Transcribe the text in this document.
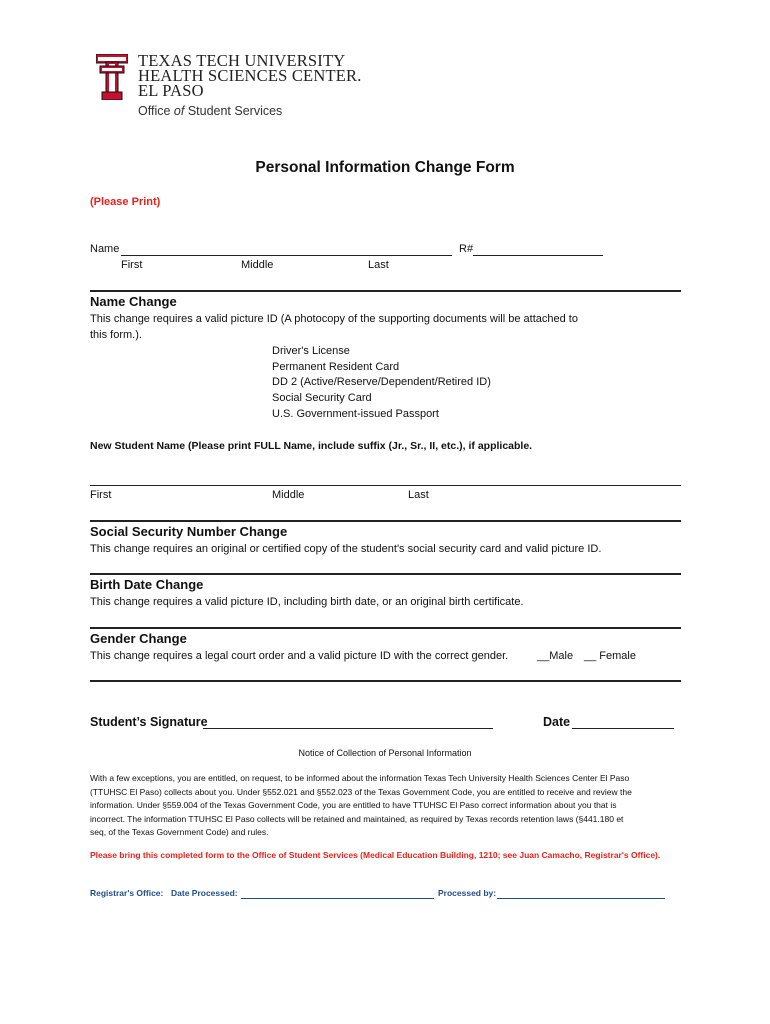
TEXAS TECH UNIVERSITY
HEALTH SCIENCES CENTER.
EL PASO
Office of Student Services
Personal Information Change Form
(Please Print)
Name	R#
First	Middle	Last
Name Change
This change requires a valid picture ID (A photocopy of the supporting documents will be attached to
this form.).
Driver's License
Permanent Resident Card
DD 2 (Active/Reserve/Dependent/Retired ID)
Social Security Card
U.S. Government-issued Passport
New Student Name (Please print FULL Name, include suffix (Jr., Sr., II, etc.), if applicable.
First	Middle	Last
Social Security Number Change
This change requires an original or certified copy of the student's social security card and valid picture ID.
Birth Date Change
This change requires a valid picture ID, including birth date, or an original birth certificate.
Gender Change
This change requires a legal court order and a valid picture ID with the correct gender.	__Male __ Female
Student’s Signature	Date
Notice of Collection of Personal Information
With a few exceptions, you are entitled, on request, to be informed about the information Texas Tech University Health Sciences Center El Paso
(TTUHSC El Paso) collects about you. Under §552.021 and §552.023 of the Texas Government Code, you are entitled to receive and review the
information. Under §559.004 of the Texas Government Code, you are entitled to have TTUHSC El Paso correct information about you that is
incorrect. The information TTUHSC El Paso collects will be retained and maintained, as required by Texas records retention laws (§441.180 et
seq, of the Texas Government Code) and rules.
Please bring this completed form to the Office of Student Services (Medical Education Building, 1210; see Juan Camacho, Registrar's Office).
Registrar's Office: Date Processed:	Processed by:
